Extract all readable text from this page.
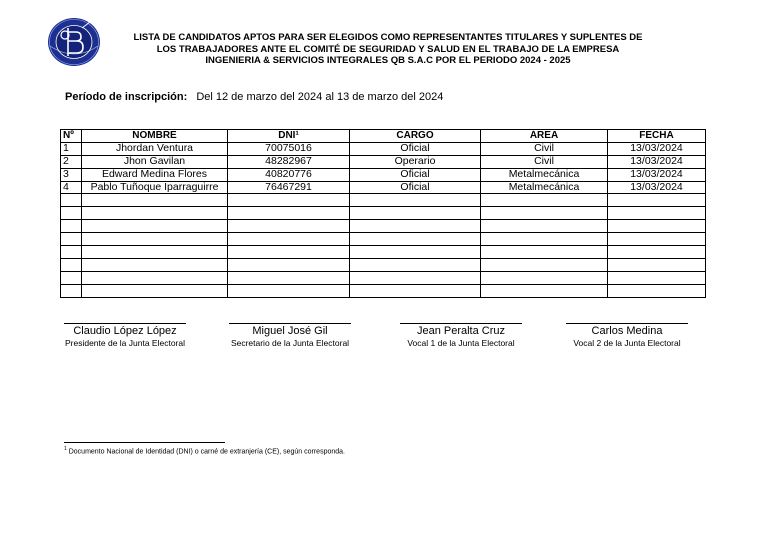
LISTA DE CANDIDATOS APTOS PARA SER ELEGIDOS COMO REPRESENTANTES TITULARES Y SUPLENTES DE
LOS TRABAJADORES ANTE EL COMITÉ DE SEGURIDAD Y SALUD EN EL TRABAJO DE LA EMPRESA
INGENIERIA & SERVICIOS INTEGRALES QB S.A.C POR EL PERIODO 2024 - 2025
Período de inscripción: Del 12 de marzo del 2024 al 13 de marzo del 2024
Nº	NOMBRE	DNI¹	CARGO	ÁREA	FECHA
1	Jhordan Ventura	70075016	Oficial	Civil	13/03/2024
2	Jhon Gavilan	48282967	Operario	Civil	13/03/2024
3	Edward Medina Flores	40820776	Oficial	Metalmecánica	13/03/2024
4	Pablo Tuñoque Iparraguirre	76467291	Oficial	Metalmecánica	13/03/2024

Claudio López López
Presidente de la Junta Electoral
Miguel José Gil
Secretario de la Junta Electoral
Jean Peralta Cruz
Vocal 1 de la Junta Electoral
Carlos Medina
Vocal 2 de la Junta Electoral
$^1$ Documento Nacional de Identidad (DNI) o carné de extranjería (CE), según corresponda.
